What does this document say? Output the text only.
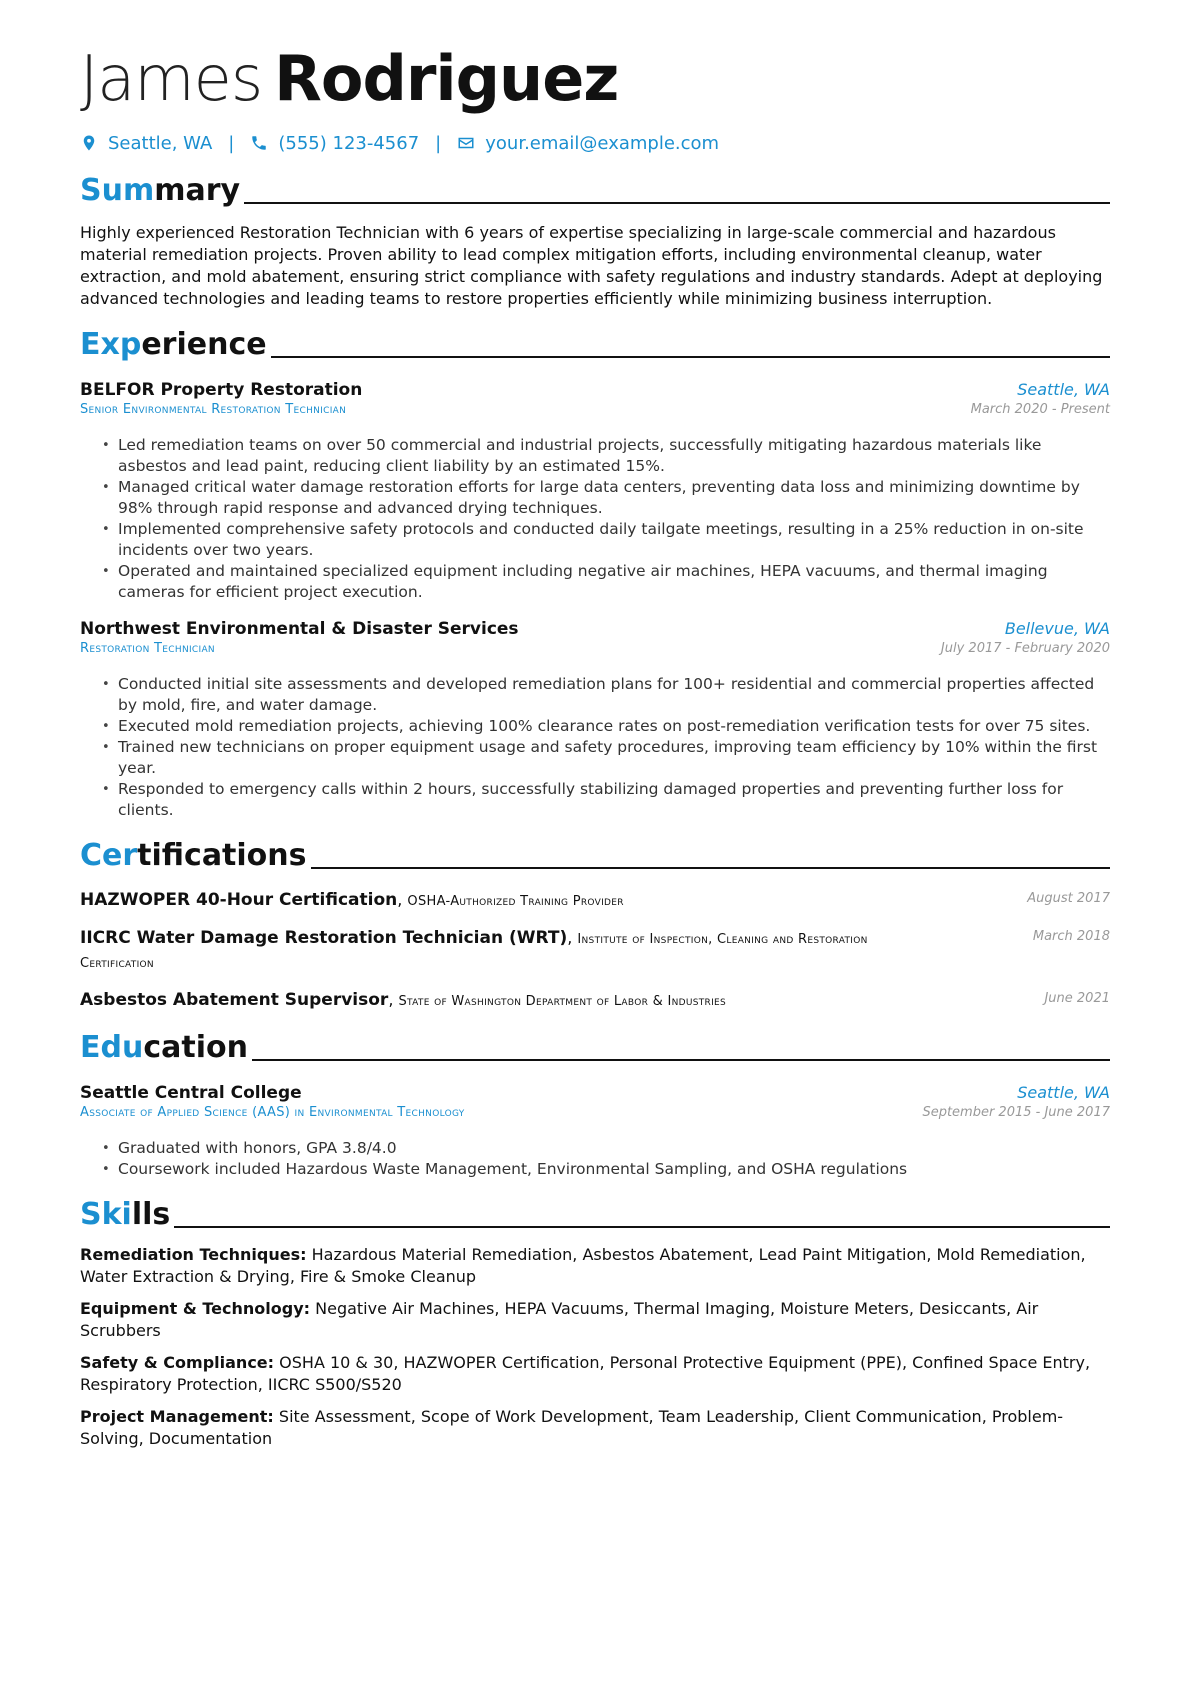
James Rodriguez
Seattle, WA | (555) 123-4567 | your.email@example.com
Summary
Highly experienced Restoration Technician with 6 years of expertise specializing in large-scale commercial and hazardous material remediation projects. Proven ability to lead complex mitigation efforts, including environmental cleanup, water extraction, and mold abatement, ensuring strict compliance with safety regulations and industry standards. Adept at deploying advanced technologies and leading teams to restore properties efficiently while minimizing business interruption.
Experience
BELFOR Property Restoration	Seattle, WA
Senior Environmental Restoration Technician	March 2020 - Present
• Led remediation teams on over 50 commercial and industrial projects, successfully mitigating hazardous materials like asbestos and lead paint, reducing client liability by an estimated 15%.
• Managed critical water damage restoration efforts for large data centers, preventing data loss and minimizing downtime by 98% through rapid response and advanced drying techniques.
• Implemented comprehensive safety protocols and conducted daily tailgate meetings, resulting in a 25% reduction in on-site incidents over two years.
• Operated and maintained specialized equipment including negative air machines, HEPA vacuums, and thermal imaging cameras for efficient project execution.
Northwest Environmental & Disaster Services	Bellevue, WA
Restoration Technician	July 2017 - February 2020
• Conducted initial site assessments and developed remediation plans for 100+ residential and commercial properties affected by mold, fire, and water damage.
• Executed mold remediation projects, achieving 100% clearance rates on post-remediation verification tests for over 75 sites.
• Trained new technicians on proper equipment usage and safety procedures, improving team efficiency by 10% within the first year.
• Responded to emergency calls within 2 hours, successfully stabilizing damaged properties and preventing further loss for clients.
Certifications
HAZWOPER 40-Hour Certification, OSHA-Authorized Training Provider	August 2017
IICRC Water Damage Restoration Technician (WRT), Institute of Inspection, Cleaning and Restoration Certification
March 2018
Asbestos Abatement Supervisor, State of Washington Department of Labor & Industries	June 2021
Education
Seattle Central College	Seattle, WA
Associate of Applied Science (AAS) in Environmental Technology	September 2015 - June 2017
• Graduated with honors, GPA 3.8/4.0
• Coursework included Hazardous Waste Management, Environmental Sampling, and OSHA regulations
Skills
Remediation Techniques: Hazardous Material Remediation, Asbestos Abatement, Lead Paint Mitigation, Mold Remediation, Water Extraction & Drying, Fire & Smoke Cleanup
Equipment & Technology: Negative Air Machines, HEPA Vacuums, Thermal Imaging, Moisture Meters, Desiccants, Air Scrubbers
Safety & Compliance: OSHA 10 & 30, HAZWOPER Certification, Personal Protective Equipment (PPE), Confined Space Entry, Respiratory Protection, IICRC S500/S520
Project Management: Site Assessment, Scope of Work Development, Team Leadership, Client Communication, Problem-Solving, Documentation
